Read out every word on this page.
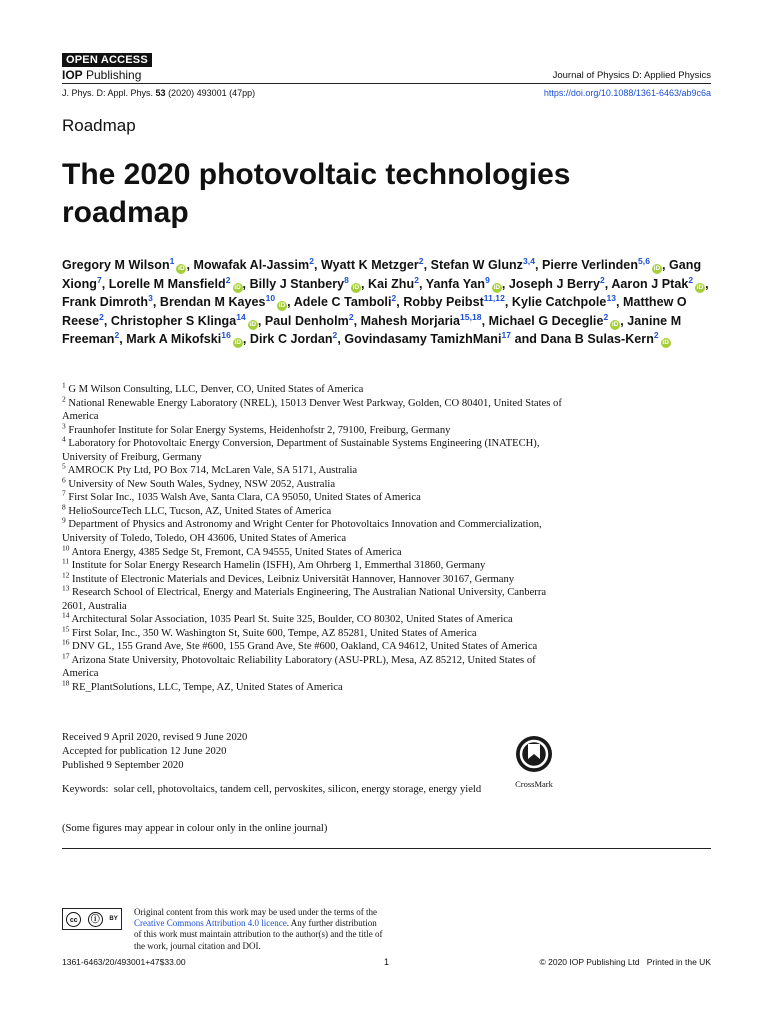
OPEN ACCESS
IOP Publishing	Journal of Physics D: Applied Physics
J. Phys. D: Appl. Phys. 53 (2020) 493001 (47pp)	https://doi.org/10.1088/1361-6463/ab9c6a
Roadmap
The 2020 photovoltaic technologies roadmap
Gregory M Wilson$^1$iD , Mowafak Al-Jassim$^2$, Wyatt K Metzger$^2$, Stefan W Glunz$^{3,4}$, Pierre Verlinden$^{5,6}$iD , Gang Xiong$^7$, Lorelle M Mansfield$^2$iD , Billy J Stanbery$^8$iD , Kai Zhu$^2$, Yanfa Yan$^9$iD , Joseph J Berry$^2$, Aaron J Ptak$^2$iD , Frank Dimroth$^3$, Brendan M Kayes$^{10}$iD , Adele C Tamboli$^2$, Robby Peibst$^{11,12}$, Kylie Catchpole$^{13}$, Matthew O Reese$^2$, Christopher S Klinga$^{14}$iD , Paul Denholm$^2$, Mahesh Morjaria$^{15,18}$, Michael G Deceglie$^2$iD , Janine M Freeman$^2$, Mark A Mikofski$^{16}$iD , Dirk C Jordan$^2$, Govindasamy TamizhMani$^{17}$ and Dana B Sulas-Kern$^2$iD
$^1$ G M Wilson Consulting, LLC, Denver, CO, United States of America
$^2$ National Renewable Energy Laboratory (NREL), 15013 Denver West Parkway, Golden, CO 80401, United States of America
$^3$ Fraunhofer Institute for Solar Energy Systems, Heidenhofstr 2, 79100, Freiburg, Germany
$^4$ Laboratory for Photovoltaic Energy Conversion, Department of Sustainable Systems Engineering (INATECH), University of Freiburg, Germany
$^5$ AMROCK Pty Ltd, PO Box 714, McLaren Vale, SA 5171, Australia
$^6$ University of New South Wales, Sydney, NSW 2052, Australia
$^7$ First Solar Inc., 1035 Walsh Ave, Santa Clara, CA 95050, United States of America
$^8$ HelioSourceTech LLC, Tucson, AZ, United States of America
$^9$ Department of Physics and Astronomy and Wright Center for Photovoltaics Innovation and Commercialization, University of Toledo, Toledo, OH 43606, United States of America
$^{10}$ Antora Energy, 4385 Sedge St, Fremont, CA 94555, United States of America
$^{11}$ Institute for Solar Energy Research Hamelin (ISFH), Am Ohrberg 1, Emmerthal 31860, Germany
$^{12}$ Institute of Electronic Materials and Devices, Leibniz Universität Hannover, Hannover 30167, Germany
$^{13}$ Research School of Electrical, Energy and Materials Engineering, The Australian National University, Canberra 2601, Australia
$^{14}$ Architectural Solar Association, 1035 Pearl St. Suite 325, Boulder, CO 80302, United States of America
$^{15}$ First Solar, Inc., 350 W. Washington St, Suite 600, Tempe, AZ 85281, United States of America
$^{16}$ DNV GL, 155 Grand Ave, Ste #600, 155 Grand Ave, Ste #600, Oakland, CA 94612, United States of America
$^{17}$ Arizona State University, Photovoltaic Reliability Laboratory (ASU-PRL), Mesa, AZ 85212, United States of America
$^{18}$ RE_PlantSolutions, LLC, Tempe, AZ, United States of America
Received 9 April 2020, revised 9 June 2020
Accepted for publication 12 June 2020
Published 9 September 2020
CrossMark
Keywords: solar cell, photovoltaics, tandem cell, pervoskites, silicon, energy storage, energy yield
(Some figures may appear in colour only in the online journal)
cc	ⓘ	BY
Original content from this work may be used under the terms of the Creative Commons Attribution 4.0 licence. Any further distribution of this work must maintain attribution to the author(s) and the title of the work, journal citation and DOI.
1361-6463/20/493001+47$33.00	1	© 2020 IOP Publishing Ltd Printed in the UK
